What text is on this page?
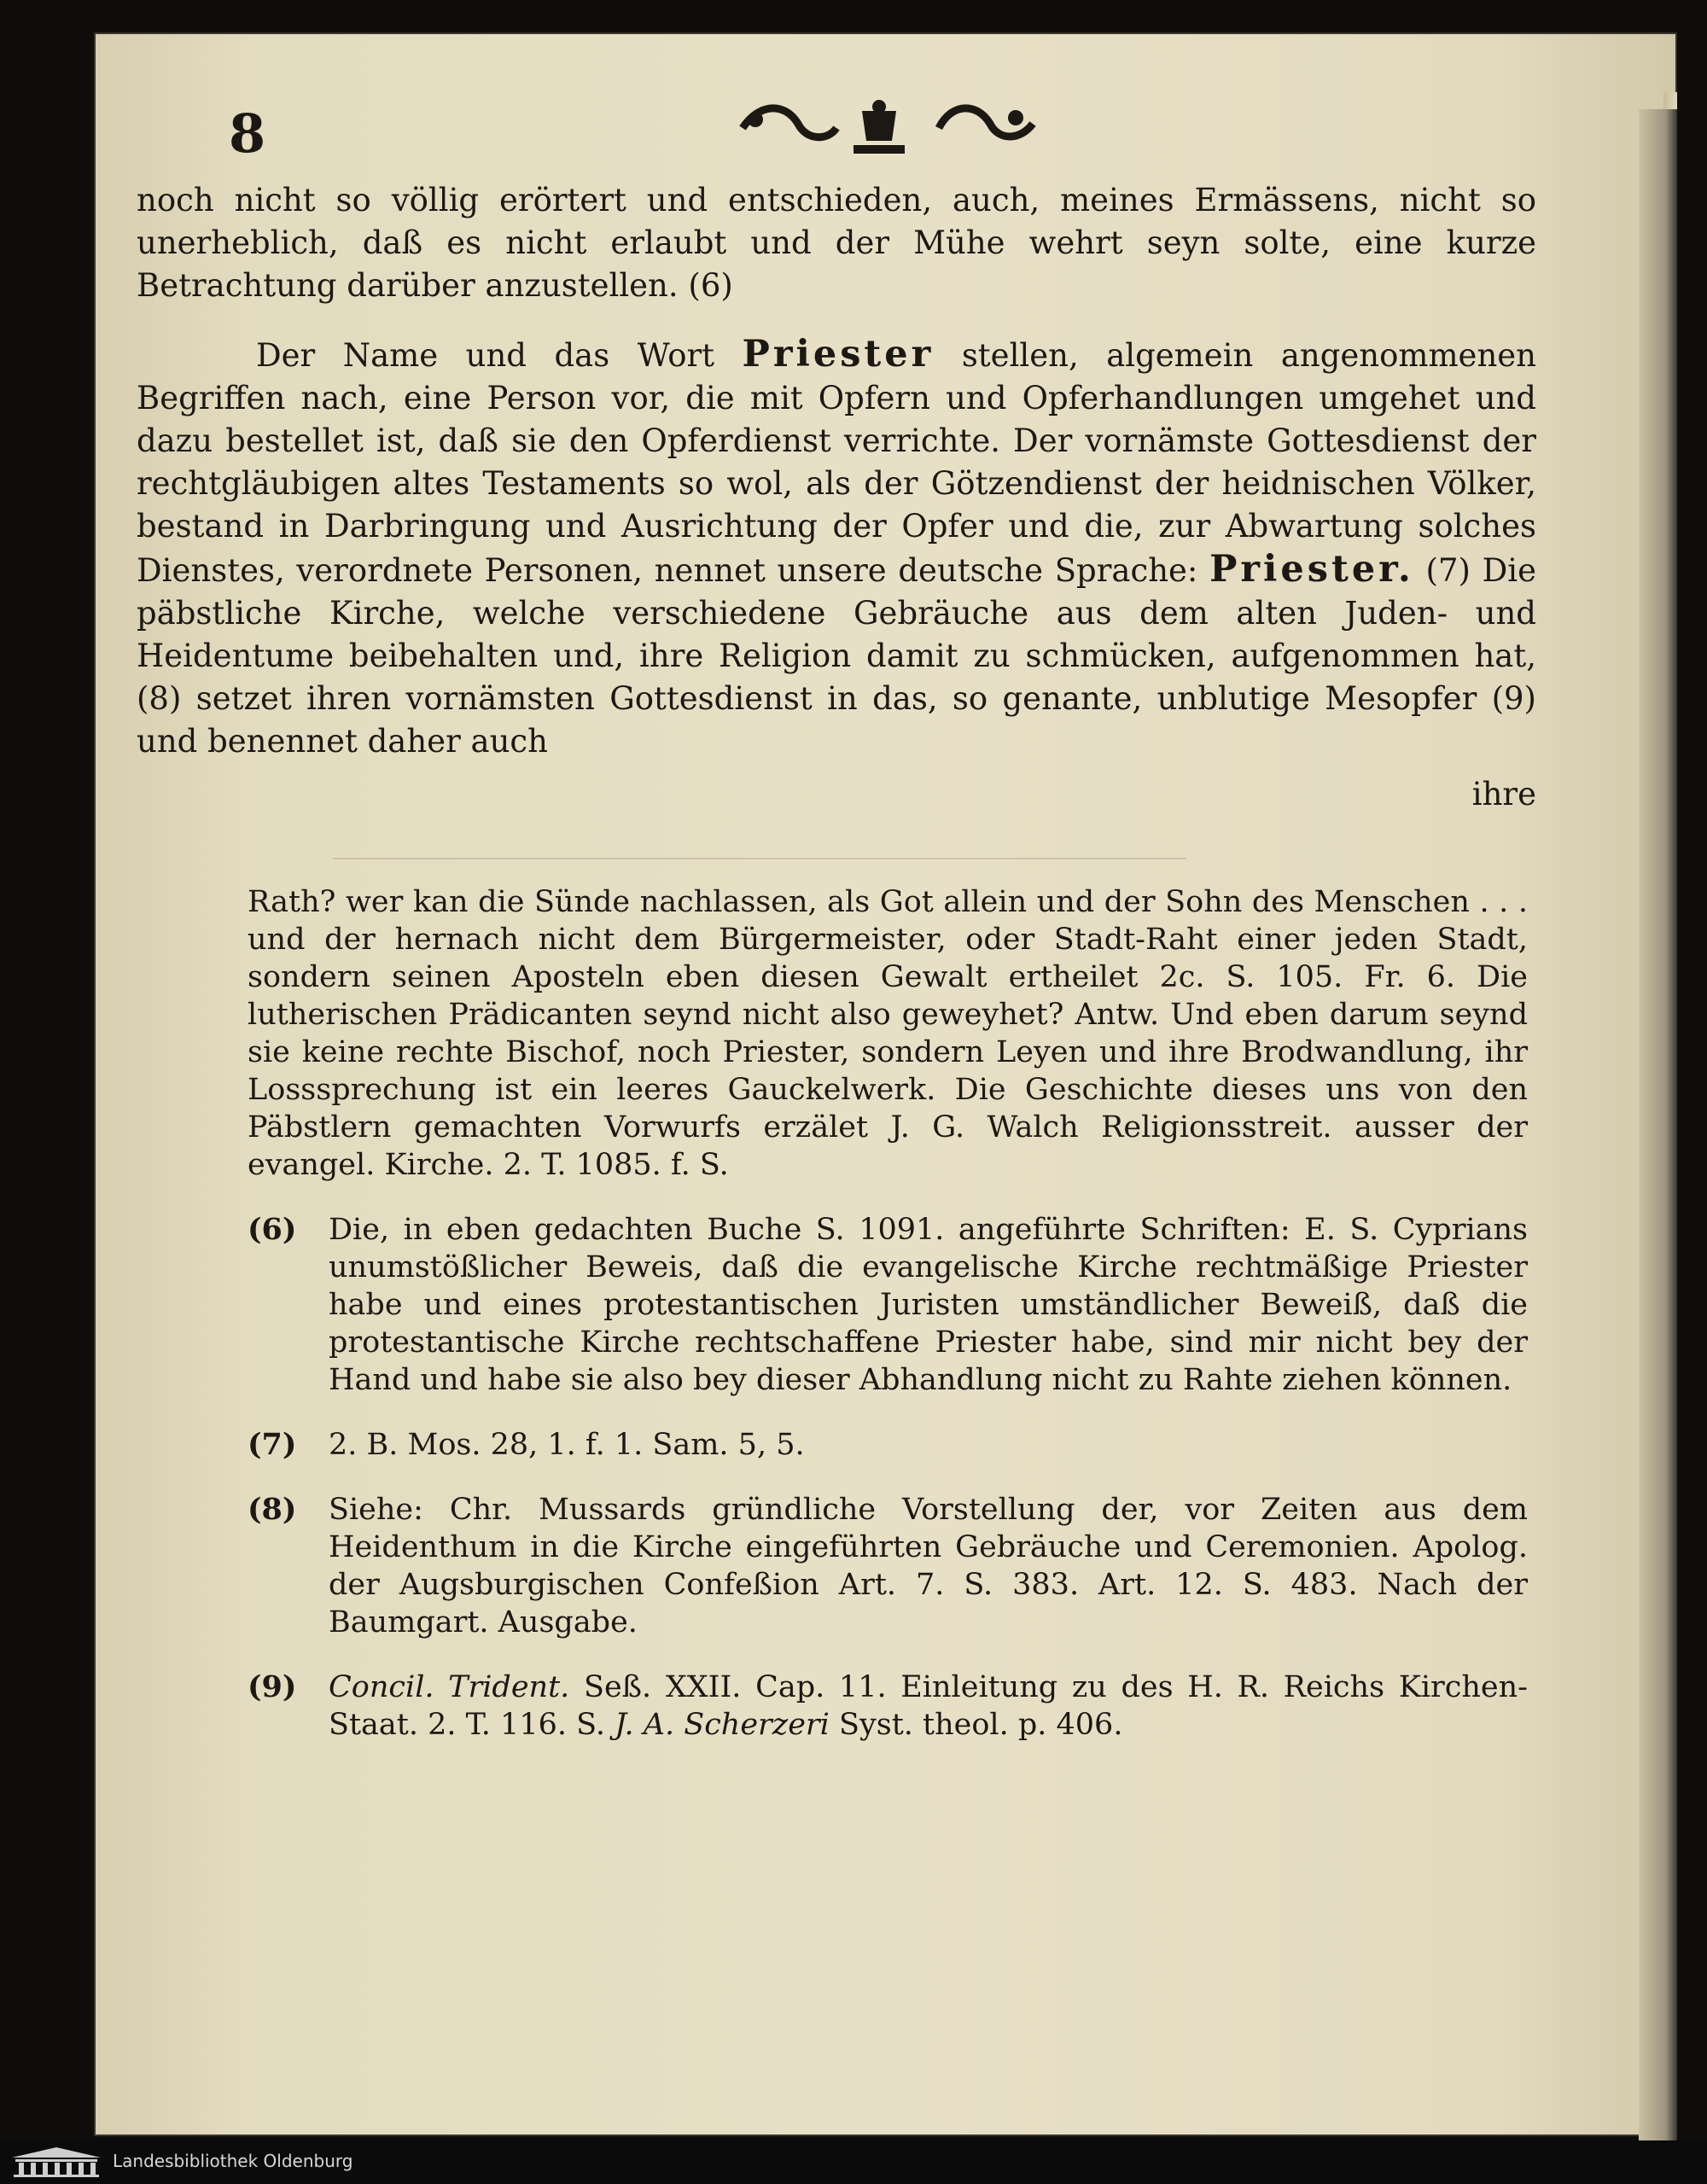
8

noch nicht so völlig erörtert und entschieden, auch, meines Ermässens, nicht so unerheblich, daß es nicht erlaubt und der Mühe wehrt seyn solte, eine kurze Betrachtung darüber anzustellen. (6)

Der Name und das Wort Priester stellen, algemein angenommenen Begriffen nach, eine Person vor, die mit Opfern und Opferhandlungen umgehet und dazu bestellet ist, daß sie den Opferdienst verrichte. Der vornämste Gottesdienst der rechtgläubigen altes Testaments so wol, als der Götzendienst der heidnischen Völker, bestand in Darbringung und Ausrichtung der Opfer und die, zur Abwartung solches Dienstes, verordnete Personen, nennet unsere deutsche Sprache: Priester. (7) Die päbstliche Kirche, welche verschiedene Gebräuche aus dem alten Juden- und Heidentume beibehalten und, ihre Religion damit zu schmücken, aufgenommen hat, (8) setzet ihren vornämsten Gottesdienst in das, so genante, unblutige Mesopfer (9) und benennet daher auch

ihre

Rath? wer kan die Sünde nachlassen, als Got allein und der Sohn des Menschen . . . und der hernach nicht dem Bürgermeister, oder Stadt-Raht einer jeden Stadt, sondern seinen Aposteln eben diesen Gewalt ertheilet 2c. S. 105. Fr. 6. Die lutherischen Prädicanten seynd nicht also geweyhet? Antw. Und eben darum seynd sie keine rechte Bischof, noch Priester, sondern Leyen und ihre Brodwandlung, ihr Losssprechung ist ein leeres Gauckelwerk. Die Geschichte dieses uns von den Päbstlern gemachten Vorwurfs erzälet J. G. Walch Religionsstreit. ausser der evangel. Kirche. 2. T. 1085. f. S.

(6) Die, in eben gedachten Buche S. 1091. angeführte Schriften: E. S. Cyprians unumstößlicher Beweis, daß die evangelische Kirche rechtmäßige Priester habe und eines protestantischen Juristen umständlicher Beweiß, daß die protestantische Kirche rechtschaffene Priester habe, sind mir nicht bey der Hand und habe sie also bey dieser Abhandlung nicht zu Rahte ziehen können.

(7) 2. B. Mos. 28, 1. f. 1. Sam. 5, 5.

(8) Siehe: Chr. Mussards gründliche Vorstellung der, vor Zeiten aus dem Heidenthum in die Kirche eingeführten Gebräuche und Ceremonien. Apolog. der Augsburgischen Confeßion Art. 7. S. 383. Art. 12. S. 483. Nach der Baumgart. Ausgabe.

(9) Concil. Trident. Seß. XXII. Cap. 11. Einleitung zu des H. R. Reichs Kirchen-Staat. 2. T. 116. S. J. A. Scherzeri Syst. theol. p. 406.

Landesbibliothek Oldenburg
